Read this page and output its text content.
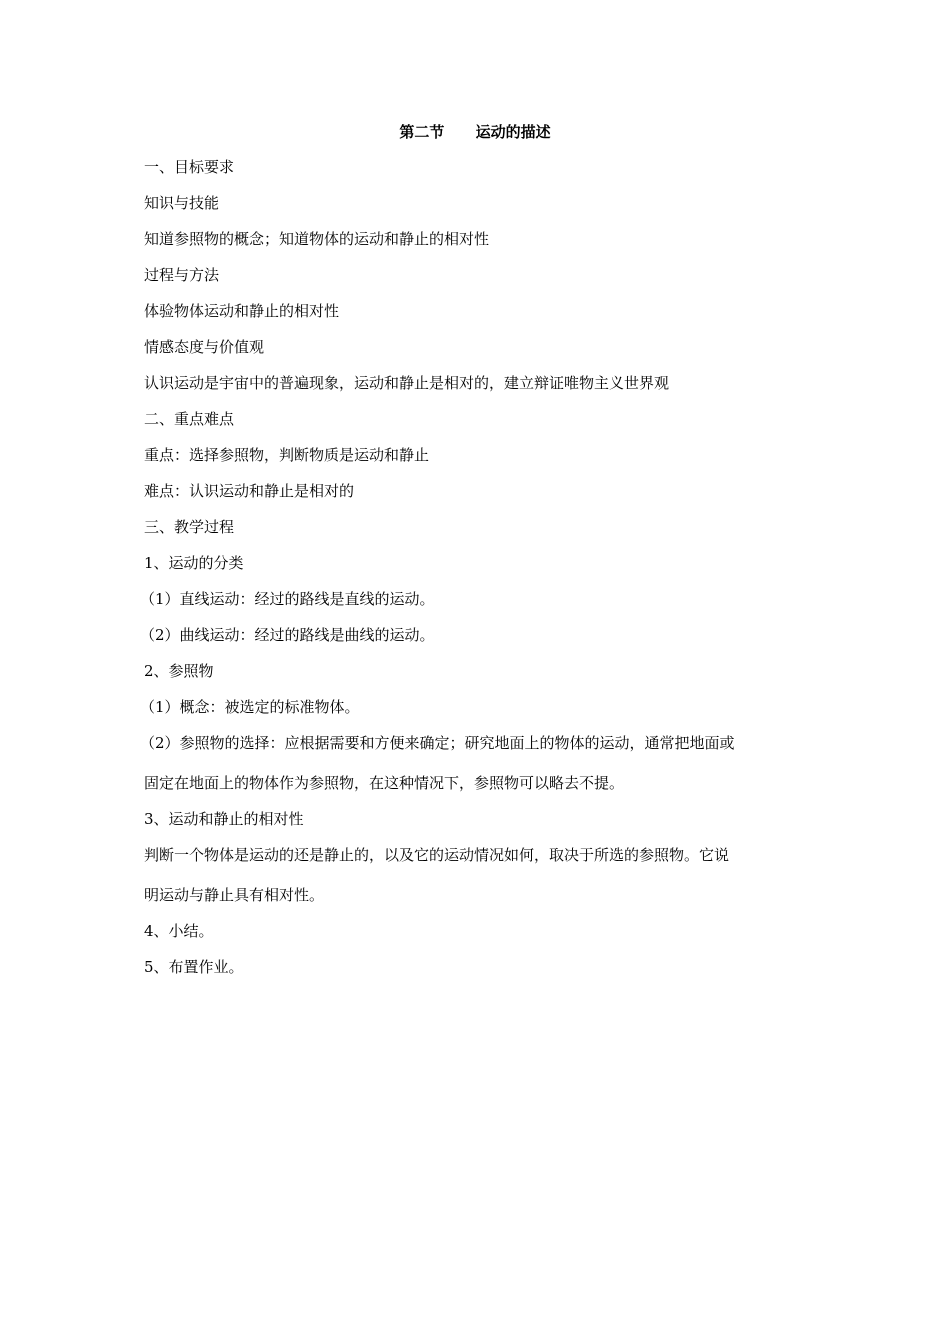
第二节      运动的描述
一、目标要求
知识与技能
知道参照物的概念；知道物体的运动和静止的相对性
过程与方法
体验物体运动和静止的相对性
情感态度与价值观
认识运动是宇宙中的普遍现象，运动和静止是相对的，建立辩证唯物主义世界观
二、重点难点
重点：选择参照物，判断物质是运动和静止
难点：认识运动和静止是相对的
三、教学过程
1、运动的分类
（1）直线运动：经过的路线是直线的运动。
（2）曲线运动：经过的路线是曲线的运动。
2、参照物
（1）概念：被选定的标准物体。
（2）参照物的选择：应根据需要和方便来确定；研究地面上的物体的运动，通常把地面或
固定在地面上的物体作为参照物，在这种情况下，参照物可以略去不提。
3、运动和静止的相对性
判断一个物体是运动的还是静止的，以及它的运动情况如何，取决于所选的参照物。它说
明运动与静止具有相对性。
4、小结。
5、布置作业。
